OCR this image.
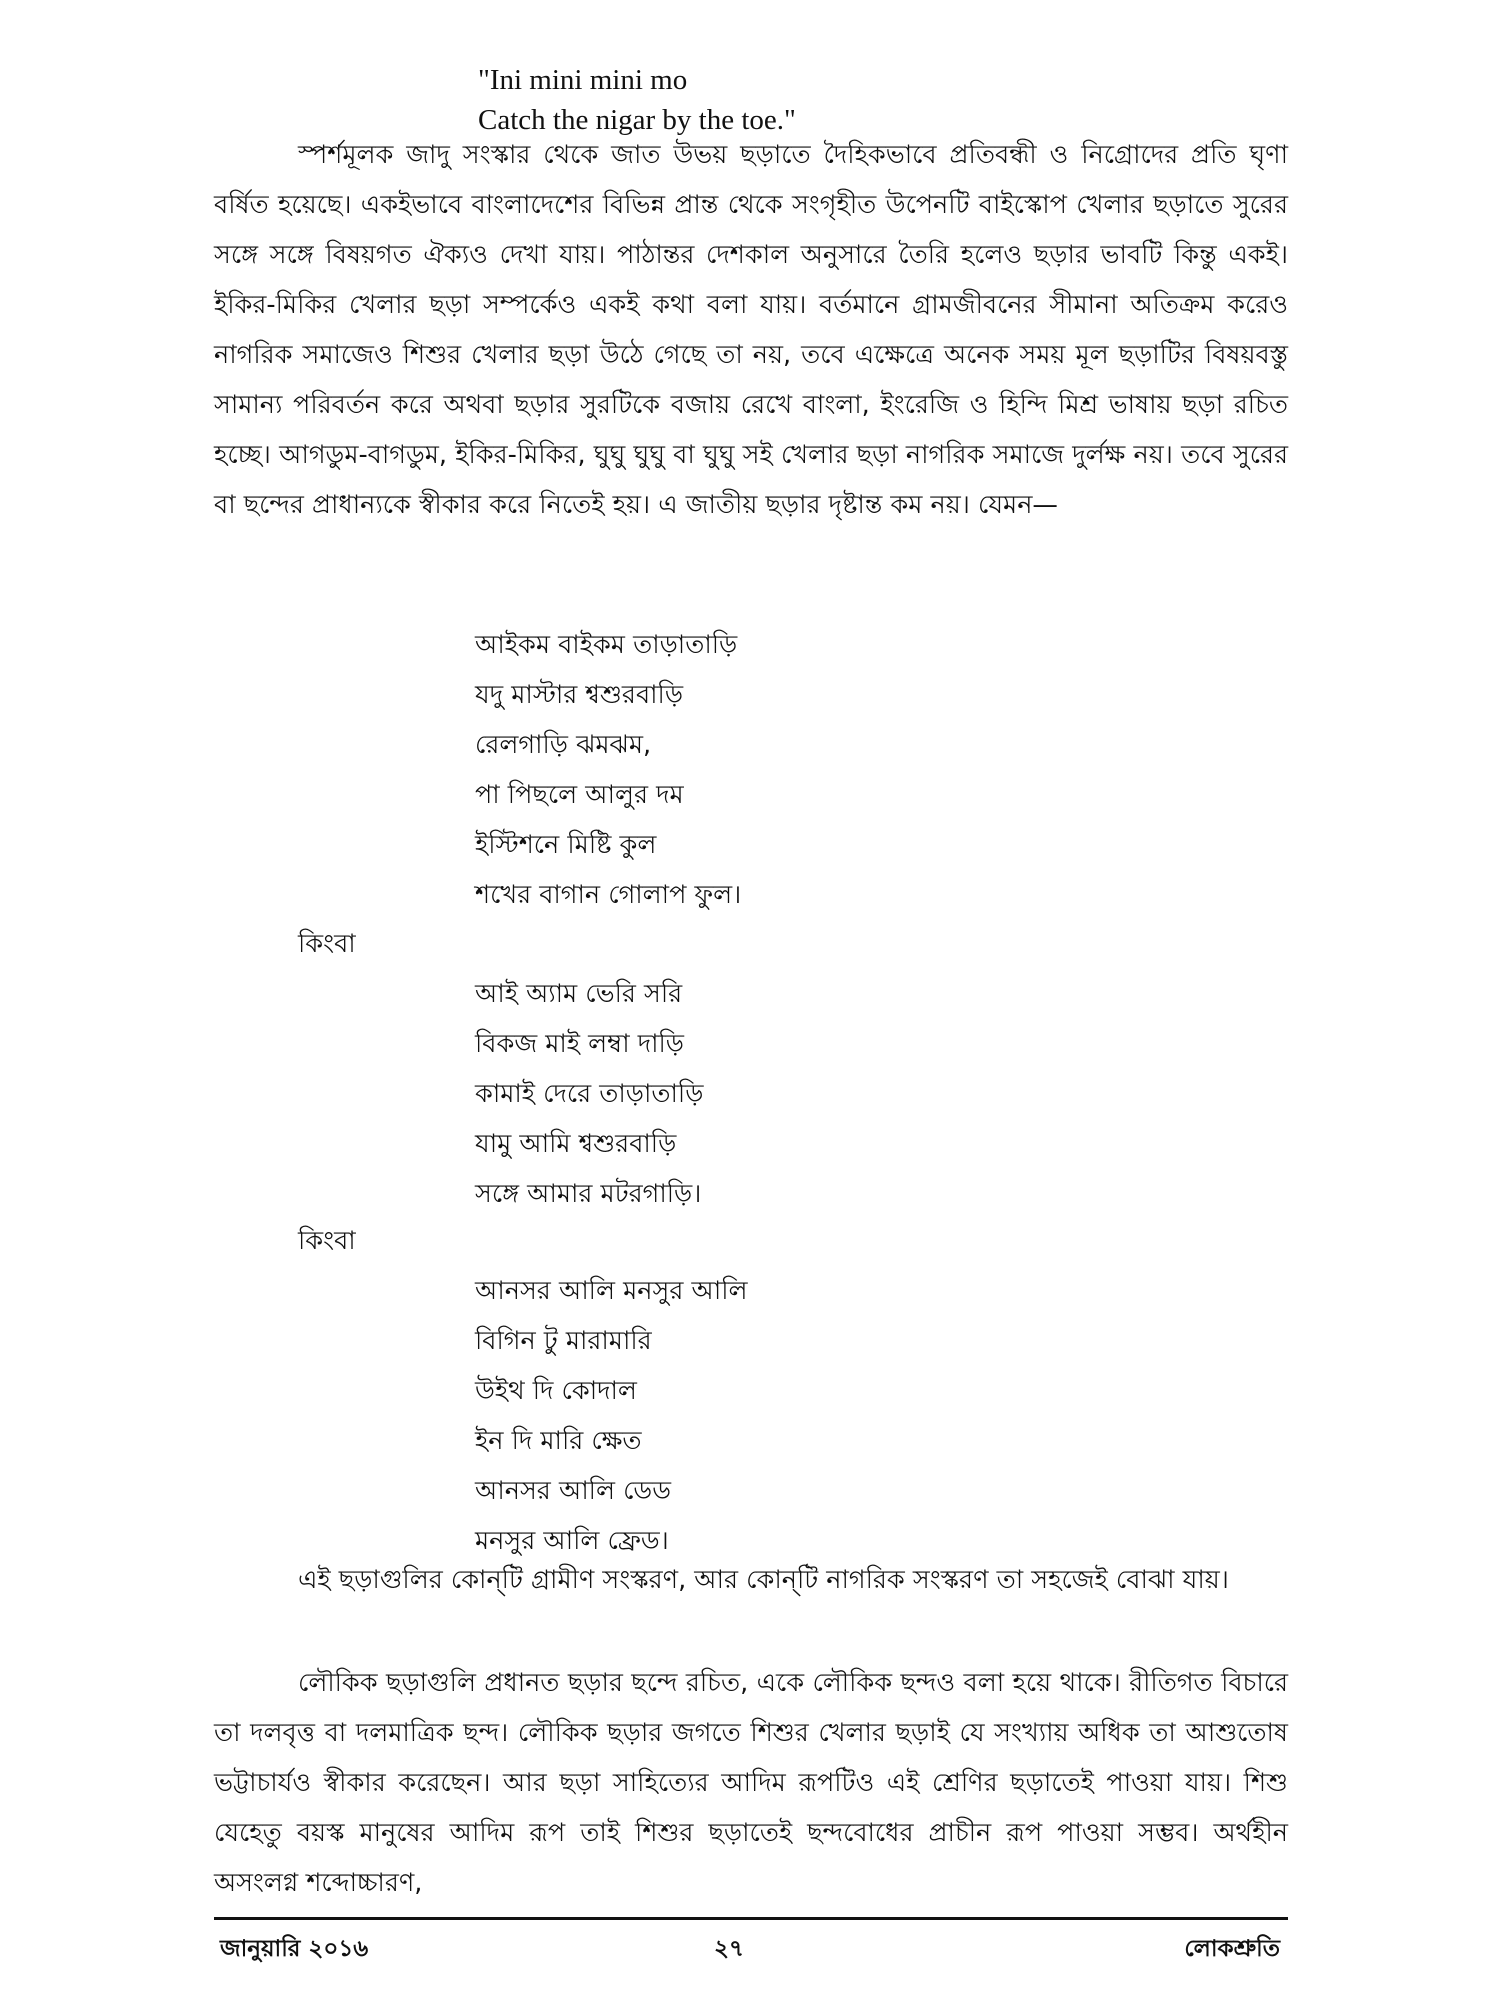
"Ini mini mini mo
Catch the nigar by the toe."

স্পর্শমূলক জাদু সংস্কার থেকে জাত উভয় ছড়াতে দৈহিকভাবে প্রতিবন্ধী ও নিগ্রোদের প্রতি ঘৃণা বর্ষিত হয়েছে। একইভাবে বাংলাদেশের বিভিন্ন প্রান্ত থেকে সংগৃহীত উপেনটি বাইস্কোপ খেলার ছড়াতে সুরের সঙ্গে সঙ্গে বিষয়গত ঐক্যও দেখা যায়। পাঠান্তর দেশকাল অনুসারে তৈরি হলেও ছড়ার ভাবটি কিন্তু একই। ইকির-মিকির খেলার ছড়া সম্পর্কেও একই কথা বলা যায়। বর্তমানে গ্রামজীবনের সীমানা অতিক্রম করেও নাগরিক সমাজেও শিশুর খেলার ছড়া উঠে গেছে তা নয়, তবে এক্ষেত্রে অনেক সময় মূল ছড়াটির বিষয়বস্তু সামান্য পরিবর্তন করে অথবা ছড়ার সুরটিকে বজায় রেখে বাংলা, ইংরেজি ও হিন্দি মিশ্র ভাষায় ছড়া রচিত হচ্ছে। আগডুম-বাগডুম, ইকির-মিকির, ঘুঘু ঘুঘু বা ঘুঘু সই খেলার ছড়া নাগরিক সমাজে দুর্লক্ষ নয়। তবে সুরের বা ছন্দের প্রাধান্যকে স্বীকার করে নিতেই হয়। এ জাতীয় ছড়ার দৃষ্টান্ত কম নয়। যেমন—

আইকম বাইকম তাড়াতাড়ি
যদু মাস্টার শ্বশুরবাড়ি
রেলগাড়ি ঝমঝম,
পা পিছলে আলুর দম
ইস্টিশনে মিষ্টি কুল
শখের বাগান গোলাপ ফুল।
কিংবা
আই অ্যাম ভেরি সরি
বিকজ মাই লম্বা দাড়ি
কামাই দেরে তাড়াতাড়ি
যামু আমি শ্বশুরবাড়ি
সঙ্গে আমার মটরগাড়ি।
কিংবা
আনসর আলি মনসুর আলি
বিগিন টু মারামারি
উইথ দি কোদাল
ইন দি মারি ক্ষেত
আনসর আলি ডেড
মনসুর আলি ফ্রেড।

এই ছড়াগুলির কোন্‌টি গ্রামীণ সংস্করণ, আর কোন্‌টি নাগরিক সংস্করণ তা সহজেই বোঝা যায়।

লৌকিক ছড়াগুলি প্রধানত ছড়ার ছন্দে রচিত, একে লৌকিক ছন্দও বলা হয়ে থাকে। রীতিগত বিচারে তা দলবৃত্ত বা দলমাত্রিক ছন্দ। লৌকিক ছড়ার জগতে শিশুর খেলার ছড়াই যে সংখ্যায় অধিক তা আশুতোষ ভট্টাচার্যও স্বীকার করেছেন। আর ছড়া সাহিত্যের আদিম রূপটিও এই শ্রেণির ছড়াতেই পাওয়া যায়। শিশু যেহেতু বয়স্ক মানুষের আদিম রূপ তাই শিশুর ছড়াতেই ছন্দবোধের প্রাচীন রূপ পাওয়া সম্ভব। অর্থহীন অসংলগ্ন শব্দোচ্চারণ,

জানুয়ারি ২০১৬	২৭	লোকশ্রুতি
